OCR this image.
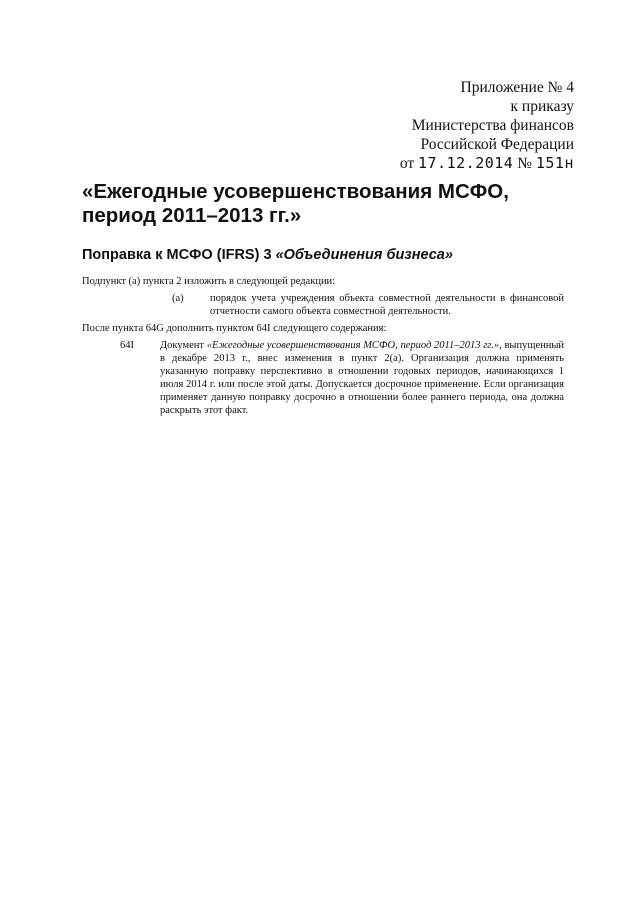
Приложение № 4
к приказу
Министерства финансов
Российской Федерации
от 17.12.2014 № 151н
«Ежегодные усовершенствования МСФО,
период 2011–2013 гг.»
Поправка к МСФО (IFRS) 3 «Объединения бизнеса»
Подпункт (а) пункта 2 изложить в следующей редакции:
(а)	порядок учета учреждения объекта совместной деятельности в финансовой отчетности самого объекта совместной деятельности.
После пункта 64G дополнить пунктом 64I следующего содержания:
64I Документ «Ежегодные усовершенствования МСФО, период 2011–2013 гг.», выпущенный в декабре 2013 г., внес изменения в пункт 2(а). Организация должна применять указанную поправку перспективно в отношении годовых периодов, начинающихся 1 июля 2014 г. или после этой даты. Допускается досрочное применение. Если организация применяет данную поправку досрочно в отношении более раннего периода, она должна раскрыть этот факт.
